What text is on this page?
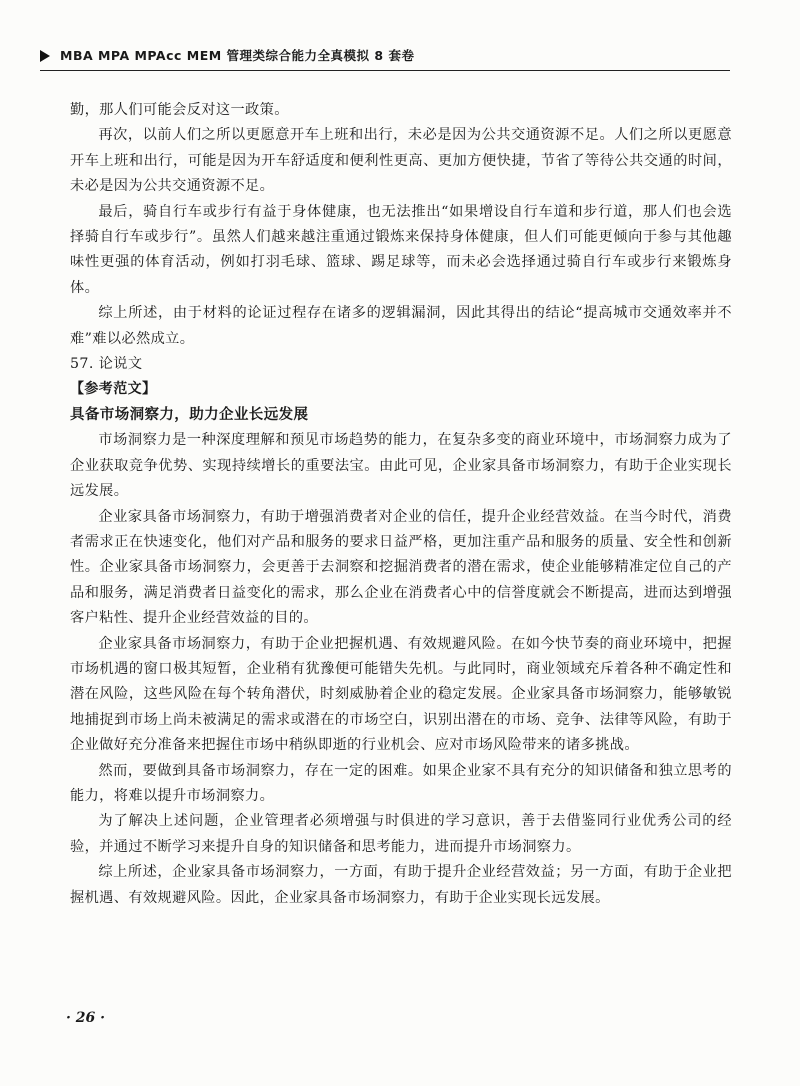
MBA MPA MPAcc MEM 管理类综合能力全真模拟 8 套卷

勤，那人们可能会反对这一政策。

再次，以前人们之所以更愿意开车上班和出行，未必是因为公共交通资源不足。人们之所以更愿意开车上班和出行，可能是因为开车舒适度和便利性更高、更加方便快捷，节省了等待公共交通的时间，未必是因为公共交通资源不足。

最后，骑自行车或步行有益于身体健康，也无法推出“如果增设自行车道和步行道，那人们也会选择骑自行车或步行”。虽然人们越来越注重通过锻炼来保持身体健康，但人们可能更倾向于参与其他趣味性更强的体育活动，例如打羽毛球、篮球、踢足球等，而未必会选择通过骑自行车或步行来锻炼身体。

综上所述，由于材料的论证过程存在诸多的逻辑漏洞，因此其得出的结论“提高城市交通效率并不难”难以必然成立。

57. 论说文

【参考范文】

具备市场洞察力，助力企业长远发展

市场洞察力是一种深度理解和预见市场趋势的能力，在复杂多变的商业环境中，市场洞察力成为了企业获取竞争优势、实现持续增长的重要法宝。由此可见，企业家具备市场洞察力，有助于企业实现长远发展。

企业家具备市场洞察力，有助于增强消费者对企业的信任，提升企业经营效益。在当今时代，消费者需求正在快速变化，他们对产品和服务的要求日益严格，更加注重产品和服务的质量、安全性和创新性。企业家具备市场洞察力，会更善于去洞察和挖掘消费者的潜在需求，使企业能够精准定位自己的产品和服务，满足消费者日益变化的需求，那么企业在消费者心中的信誉度就会不断提高，进而达到增强客户粘性、提升企业经营效益的目的。

企业家具备市场洞察力，有助于企业把握机遇、有效规避风险。在如今快节奏的商业环境中，把握市场机遇的窗口极其短暂，企业稍有犹豫便可能错失先机。与此同时，商业领域充斥着各种不确定性和潜在风险，这些风险在每个转角潜伏，时刻威胁着企业的稳定发展。企业家具备市场洞察力，能够敏锐地捕捉到市场上尚未被满足的需求或潜在的市场空白，识别出潜在的市场、竞争、法律等风险，有助于企业做好充分准备来把握住市场中稍纵即逝的行业机会、应对市场风险带来的诸多挑战。

然而，要做到具备市场洞察力，存在一定的困难。如果企业家不具有充分的知识储备和独立思考的能力，将难以提升市场洞察力。

为了解决上述问题，企业管理者必须增强与时俱进的学习意识，善于去借鉴同行业优秀公司的经验，并通过不断学习来提升自身的知识储备和思考能力，进而提升市场洞察力。

综上所述，企业家具备市场洞察力，一方面，有助于提升企业经营效益；另一方面，有助于企业把握机遇、有效规避风险。因此，企业家具备市场洞察力，有助于企业实现长远发展。

· 26 ·
